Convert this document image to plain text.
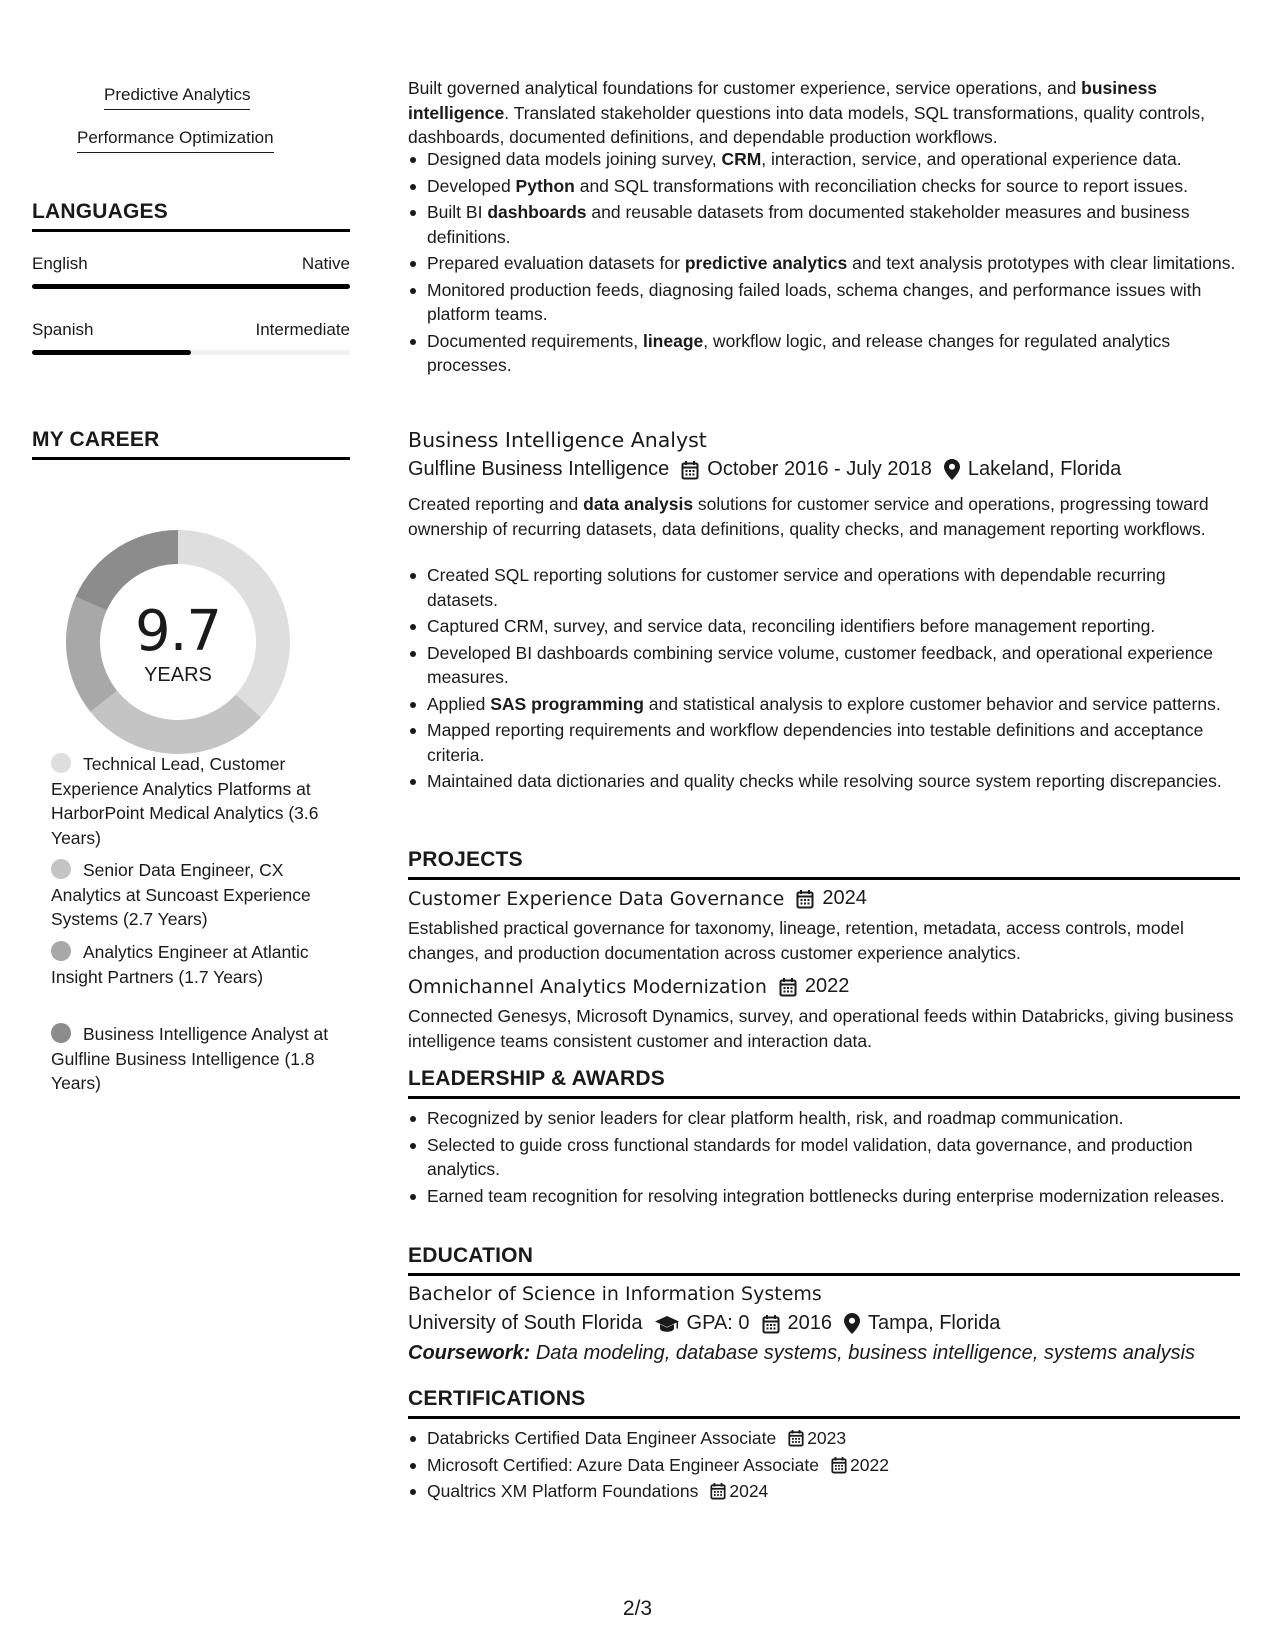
Predictive Analytics
Performance Optimization
LANGUAGES
English	Native
Spanish	Intermediate
MY CAREER
9.7
YEARS
Technical Lead, Customer Experience Analytics Platforms at HarborPoint Medical Analytics (3.6 Years)
Senior Data Engineer, CX Analytics at Suncoast Experience Systems (2.7 Years)
Analytics Engineer at Atlantic Insight Partners (1.7 Years)
Business Intelligence Analyst at Gulfline Business Intelligence (1.8 Years)
Built governed analytical foundations for customer experience, service operations, and business intelligence. Translated stakeholder questions into data models, SQL transformations, quality controls, dashboards, documented definitions, and dependable production workflows.
Designed data models joining survey, CRM, interaction, service, and operational experience data.
Developed Python and SQL transformations with reconciliation checks for source to report issues.
Built BI dashboards and reusable datasets from documented stakeholder measures and business definitions.
Prepared evaluation datasets for predictive analytics and text analysis prototypes with clear limitations.
Monitored production feeds, diagnosing failed loads, schema changes, and performance issues with platform teams.
Documented requirements, lineage, workflow logic, and release changes for regulated analytics processes.
Business Intelligence Analyst
Gulfline Business Intelligence October 2016 - July 2018 Lakeland, Florida
Created reporting and data analysis solutions for customer service and operations, progressing toward ownership of recurring datasets, data definitions, quality checks, and management reporting workflows.
Created SQL reporting solutions for customer service and operations with dependable recurring datasets.
Captured CRM, survey, and service data, reconciling identifiers before management reporting.
Developed BI dashboards combining service volume, customer feedback, and operational experience measures.
Applied SAS programming and statistical analysis to explore customer behavior and service patterns.
Mapped reporting requirements and workflow dependencies into testable definitions and acceptance criteria.
Maintained data dictionaries and quality checks while resolving source system reporting discrepancies.
PROJECTS
Customer Experience Data Governance 2024
Established practical governance for taxonomy, lineage, retention, metadata, access controls, model changes, and production documentation across customer experience analytics.
Omnichannel Analytics Modernization 2022
Connected Genesys, Microsoft Dynamics, survey, and operational feeds within Databricks, giving business intelligence teams consistent customer and interaction data.
LEADERSHIP & AWARDS
Recognized by senior leaders for clear platform health, risk, and roadmap communication.
Selected to guide cross functional standards for model validation, data governance, and production analytics.
Earned team recognition for resolving integration bottlenecks during enterprise modernization releases.
EDUCATION
Bachelor of Science in Information Systems
University of South Florida GPA: 0 2016 Tampa, Florida
Coursework: Data modeling, database systems, business intelligence, systems analysis
CERTIFICATIONS
Databricks Certified Data Engineer Associate 2023
Microsoft Certified: Azure Data Engineer Associate 2022
Qualtrics XM Platform Foundations 2024
2/3
